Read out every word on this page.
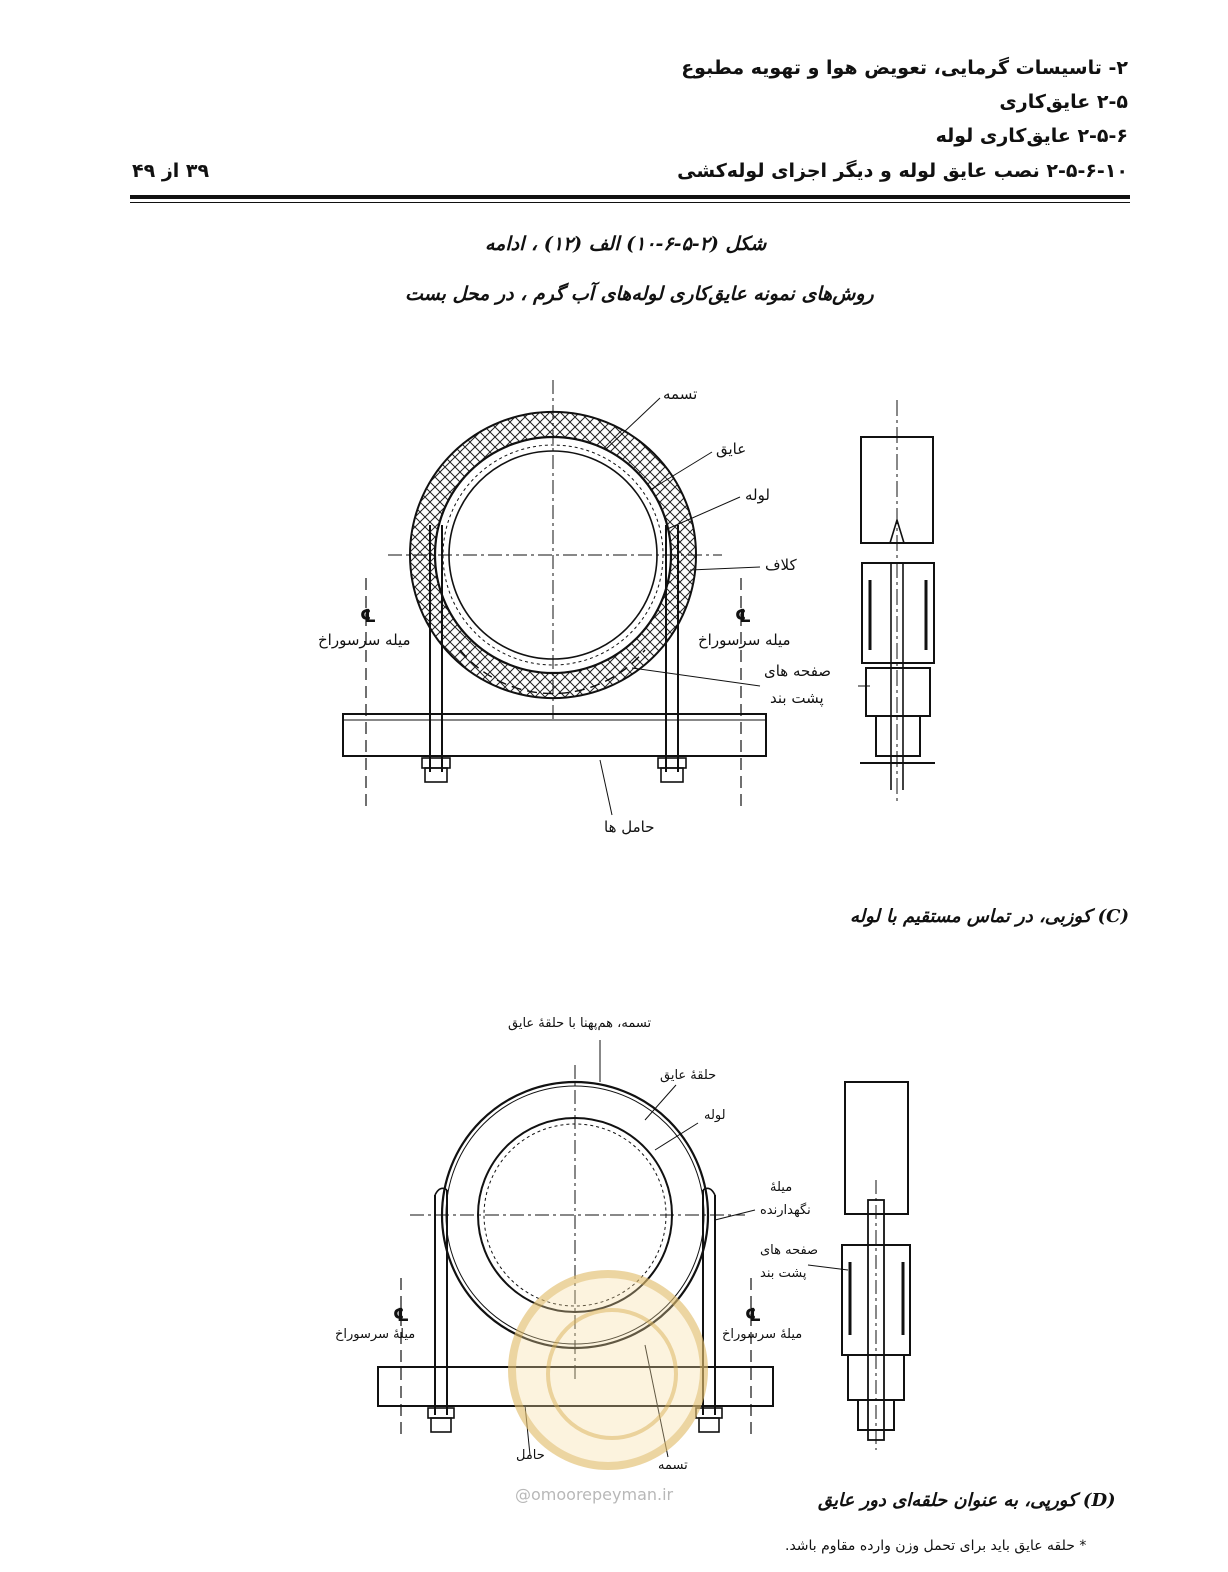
۲- تاسیسات گرمایی، تعویض هوا و تهویه مطبوع
۲-۵ عایق‌کاری
۲-۵-۶ عایق‌کاری لوله
۲-۵-۶-۱۰ نصب عایق لوله و دیگر اجزای لوله‌کشی
۳۹ از ۴۹
شکل (۲-۵-۶-۱۰) الف (۱۲) ، ادامه
روش‌های نمونه عایق‌کاری لوله‌های آب گرم ، در محل بست
تسمه
عایق
لوله
کلاف
℄	℄
میله سرسوراخ	میله سرسوراخ
صفحه های
پشت بند
حامل ها
(C) کوزبی، در تماس مستقیم با لوله
تسمه، هم‌پهنا با حلقهٔ عایق
حلقهٔ عایق
لوله
میلهٔ
نگهدارنده
صفحه های
پشت بند
℄	℄
میلهٔ سرسوراخ	میلهٔ سرسوراخ
حامل
تسمه
@omoorepeyman.ir	(D) کورپی، به عنوان حلقه‌ای دور عایق
* حلقه عایق باید برای تحمل وزن وارده مقاوم باشد.
